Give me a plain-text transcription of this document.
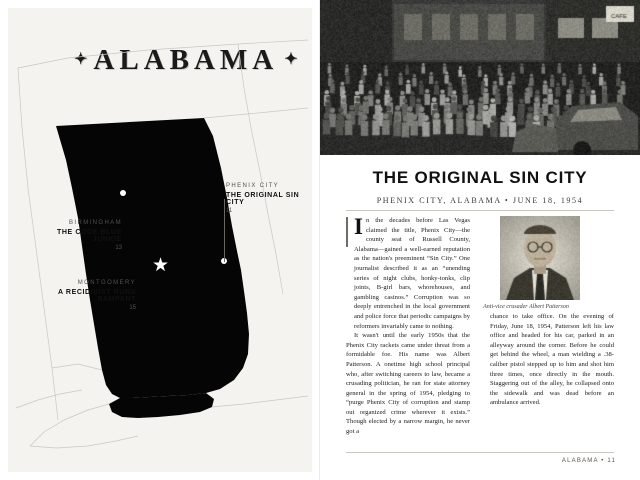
✦ ALABAMA ✦
★
PHENIX CITY
THE ORIGINAL SIN CITY
11
BIRMINGHAM
THE CODE BLUE JUNKIE
13
MONTGOMERY
A RECIDIVIST RUNS RAMPANT
15
THE ORIGINAL SIN CITY
PHENIX CITY, ALABAMA • JUNE 18, 1954

In the decades before Las Vegas claimed the title, Phenix City—the county seat of Russell County, Alabama—gained a well-earned reputation as the nation's preeminent “Sin City.” One journalist described it as an “unending series of night clubs, honky-tonks, clip joints, B-girl bars, whorehouses, and gambling casinos.” Corruption was so deeply entrenched in the local government and police force that periodic campaigns by reformers invariably came to nothing.

It wasn't until the early 1950s that the Phenix City rackets came under threat from a formidable foe. His name was Albert Patterson. A onetime high school principal who, after switching careers to law, became a crusading politician, he ran for state attorney general in the spring of 1954, pledging to “purge Phenix City of corruption and stamp out organized crime wherever it exists.” Though elected by a narrow margin, he never got a

chance to take office. On the evening of Friday, June 18, 1954, Patterson left his law office and headed for his car, parked in an alleyway around the corner. Before he could get behind the wheel, a man wielding a .38-caliber pistol stepped up to him and shot him three times, once directly in the mouth. Staggering out of the alley, he collapsed onto the sidewalk and was dead before an ambulance arrived.

Anti-vice crusader Albert Patterson
ALABAMA • 11
